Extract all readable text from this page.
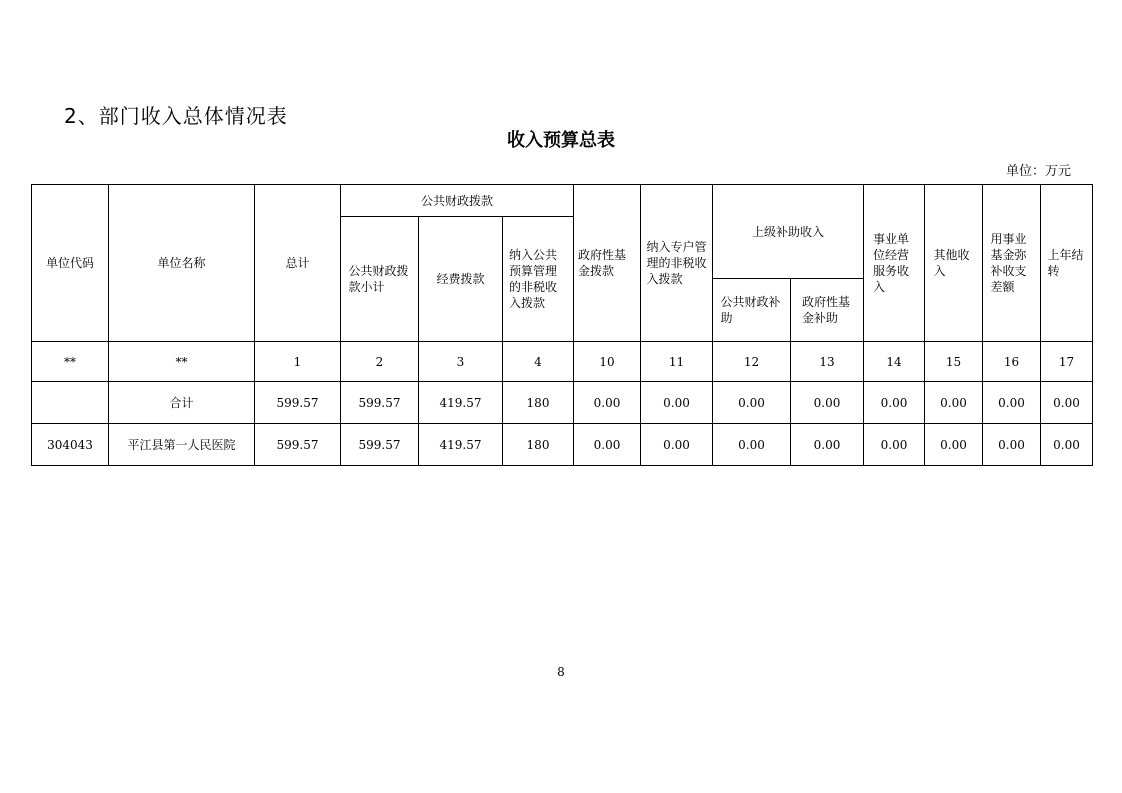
2、部门收入总体情况表
收入预算总表
单位：万元
单位代码	单位名称	总计	公共财政拨款			政府性基金拨款	纳入专户管理的非税收入拨款	上级补助收入		事业单位经营服务收入	其他收入	用事业基金弥补收支差额	上年结转
			公共财政拨款小计	经费拨款	纳入公共预算管理的非税收入拨款								
								公共财政补助	政府性基金补助				
**	**	1	2	3	4	10	11	12	13	14	15	16	17
	合计	599.57	599.57	419.57	180	0.00	0.00	0.00	0.00	0.00	0.00	0.00	0.00
304043	平江县第一人民医院	599.57	599.57	419.57	180	0.00	0.00	0.00	0.00	0.00	0.00	0.00	0.00
8
